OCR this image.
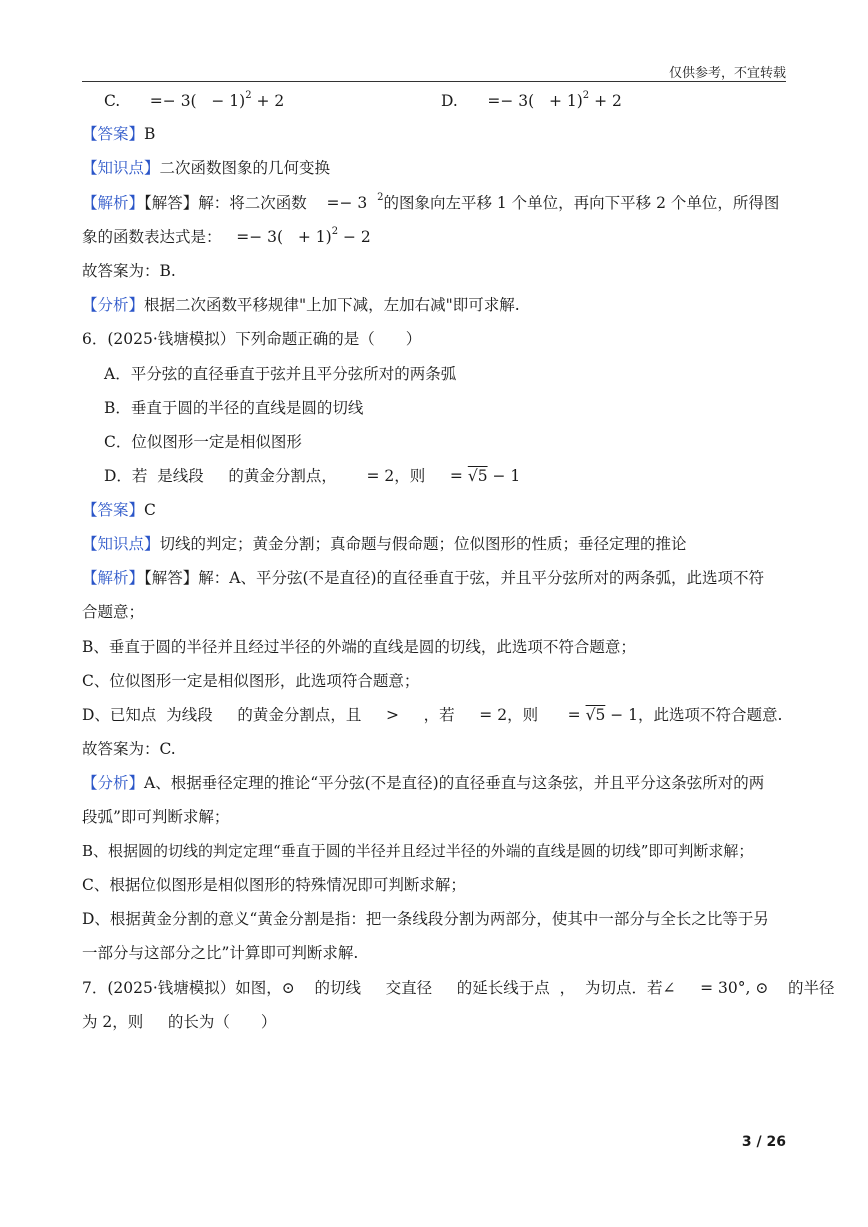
仅供参考，不宜转载
C. =− $3( - 1)^2 + 2$	D. =− $3( + 1)^2 + 2$
【答案】B
【知识点】二次函数图象的几何变换
【解析】【解答】解：将二次函数    =− 3  $^2$的图象向左平移 1 个单位，再向下平移 2 个单位，所得图
象的函数表达式是：   =− $3( + 1)^2 - 2$
故答案为：B.
【分析】根据二次函数平移规律"上加下减，左加右减"即可求解.
6．(2025·钱塘模拟）下列命题正确的是（　　）
A．平分弦的直径垂直于弦并且平分弦所对的两条弧
B．垂直于圆的半径的直线是圆的切线
C．位似图形一定是相似图形
D．若  是线段     的黄金分割点，      = 2，则     = √5 − 1
【答案】C
【知识点】切线的判定；黄金分割；真命题与假命题；位似图形的性质；垂径定理的推论
【解析】【解答】解：A、平分弦(不是直径)的直径垂直于弦，并且平分弦所对的两条弧，此选项不符
合题意；
B、垂直于圆的半径并且经过半径的外端的直线是圆的切线，此选项不符合题意；
C、位似图形一定是相似图形，此选项符合题意；
D、已知点  为线段     的黄金分割点，且     >     ，若     = 2，则      = √5 − 1，此选项不符合题意.
故答案为：C.
【分析】A、根据垂径定理的推论“平分弦(不是直径)的直径垂直与这条弦，并且平分这条弦所对的两
段弧”即可判断求解；
B、根据圆的切线的判定定理“垂直于圆的半径并且经过半径的外端的直线是圆的切线”即可判断求解；
C、根据位似图形是相似图形的特殊情况即可判断求解；
D、根据黄金分割的意义“黄金分割是指：把一条线段分割为两部分，使其中一部分与全长之比等于另
一部分与这部分之比”计算即可判断求解.
7．(2025·钱塘模拟）如图，⊙    的切线     交直径     的延长线于点  ，  为切点．若∠     = 30°, ⊙    的半径
为 2，则     的长为（　　）
3 / 26
